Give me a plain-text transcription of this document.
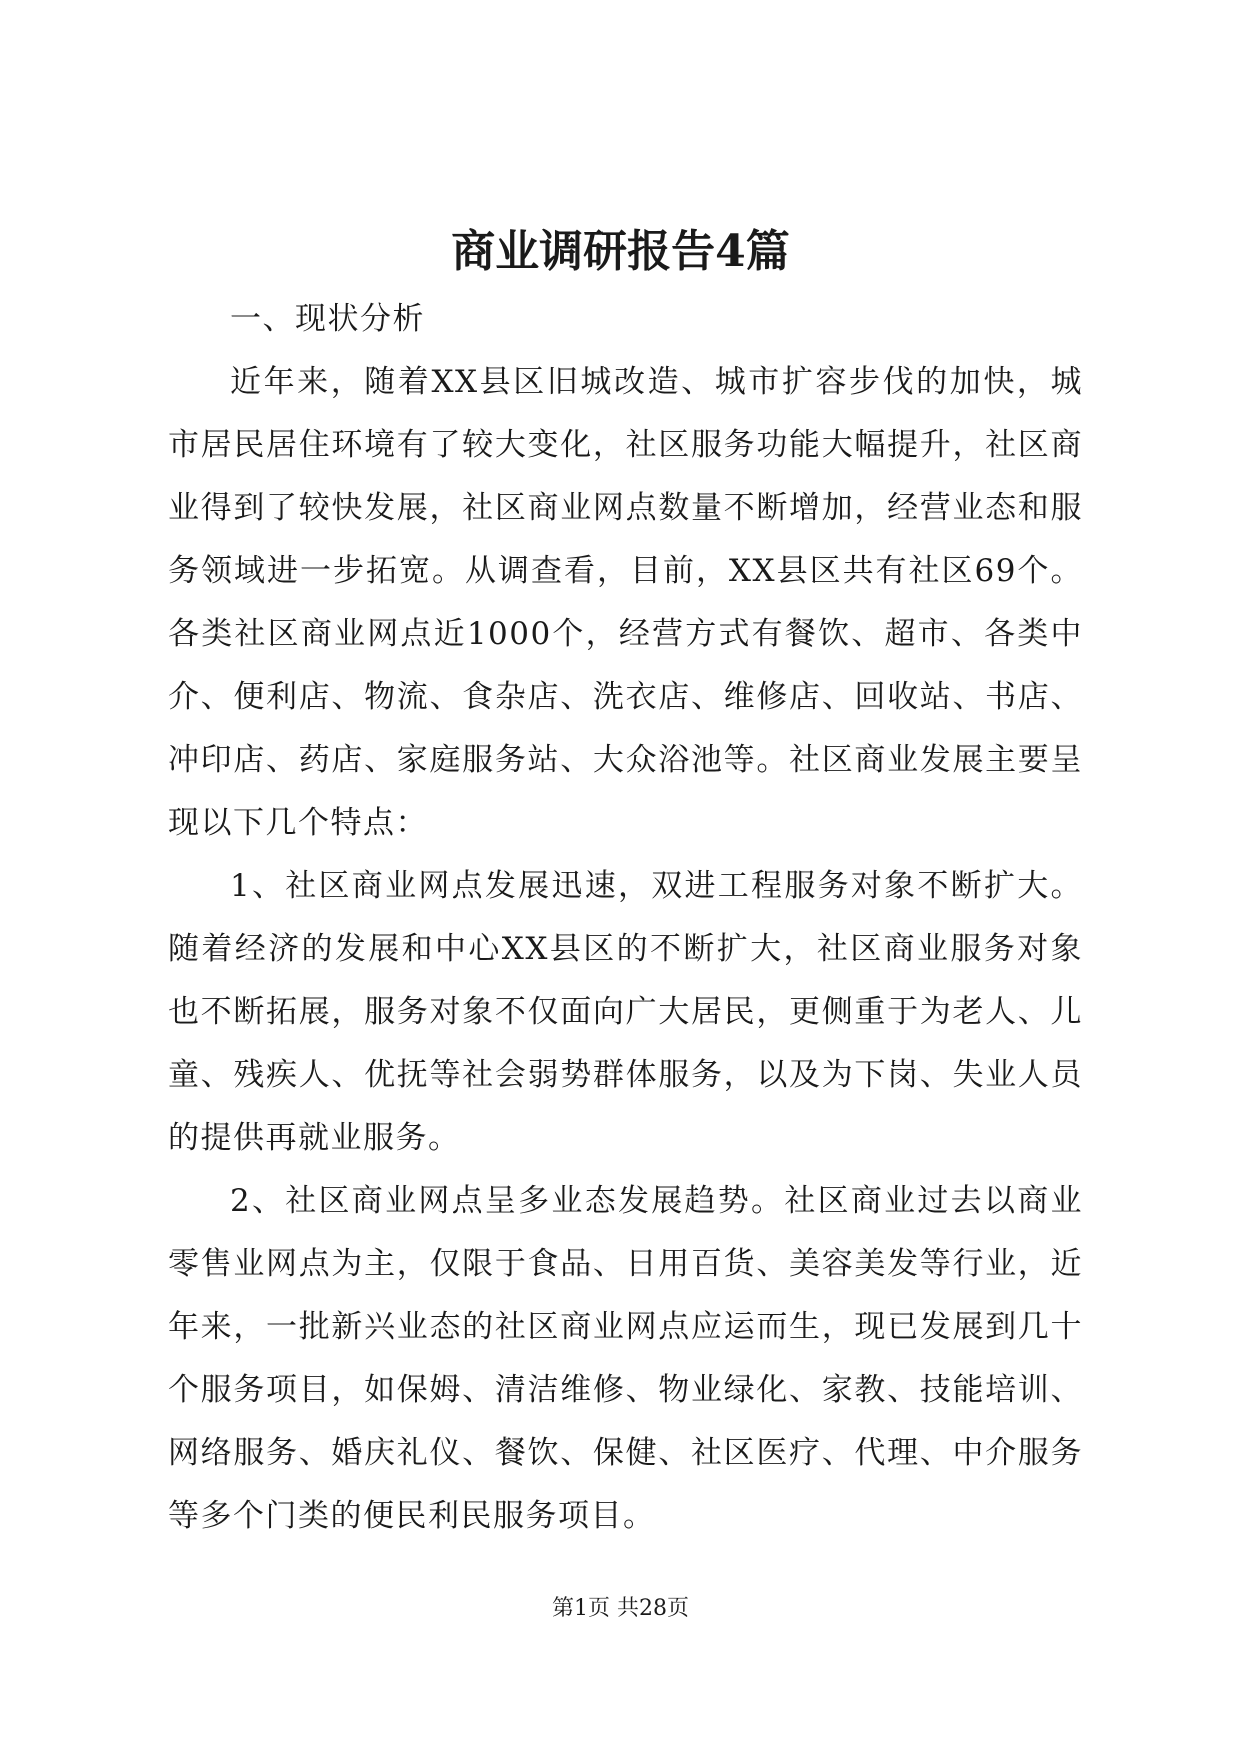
商业调研报告4篇

一、现状分析

近年来，随着XX县区旧城改造、城市扩容步伐的加快，城市居民居住环境有了较大变化，社区服务功能大幅提升，社区商业得到了较快发展，社区商业网点数量不断增加，经营业态和服务领域进一步拓宽。从调查看，目前，XX县区共有社区69个。各类社区商业网点近1000个，经营方式有餐饮、超市、各类中介、便利店、物流、食杂店、洗衣店、维修店、回收站、书店、冲印店、药店、家庭服务站、大众浴池等。社区商业发展主要呈现以下几个特点：

1、社区商业网点发展迅速，双进工程服务对象不断扩大。随着经济的发展和中心XX县区的不断扩大，社区商业服务对象也不断拓展，服务对象不仅面向广大居民，更侧重于为老人、儿童、残疾人、优抚等社会弱势群体服务，以及为下岗、失业人员的提供再就业服务。

2、社区商业网点呈多业态发展趋势。社区商业过去以商业零售业网点为主，仅限于食品、日用百货、美容美发等行业，近年来，一批新兴业态的社区商业网点应运而生，现已发展到几十个服务项目，如保姆、清洁维修、物业绿化、家教、技能培训、网络服务、婚庆礼仪、餐饮、保健、社区医疗、代理、中介服务等多个门类的便民利民服务项目。

第1页 共28页
